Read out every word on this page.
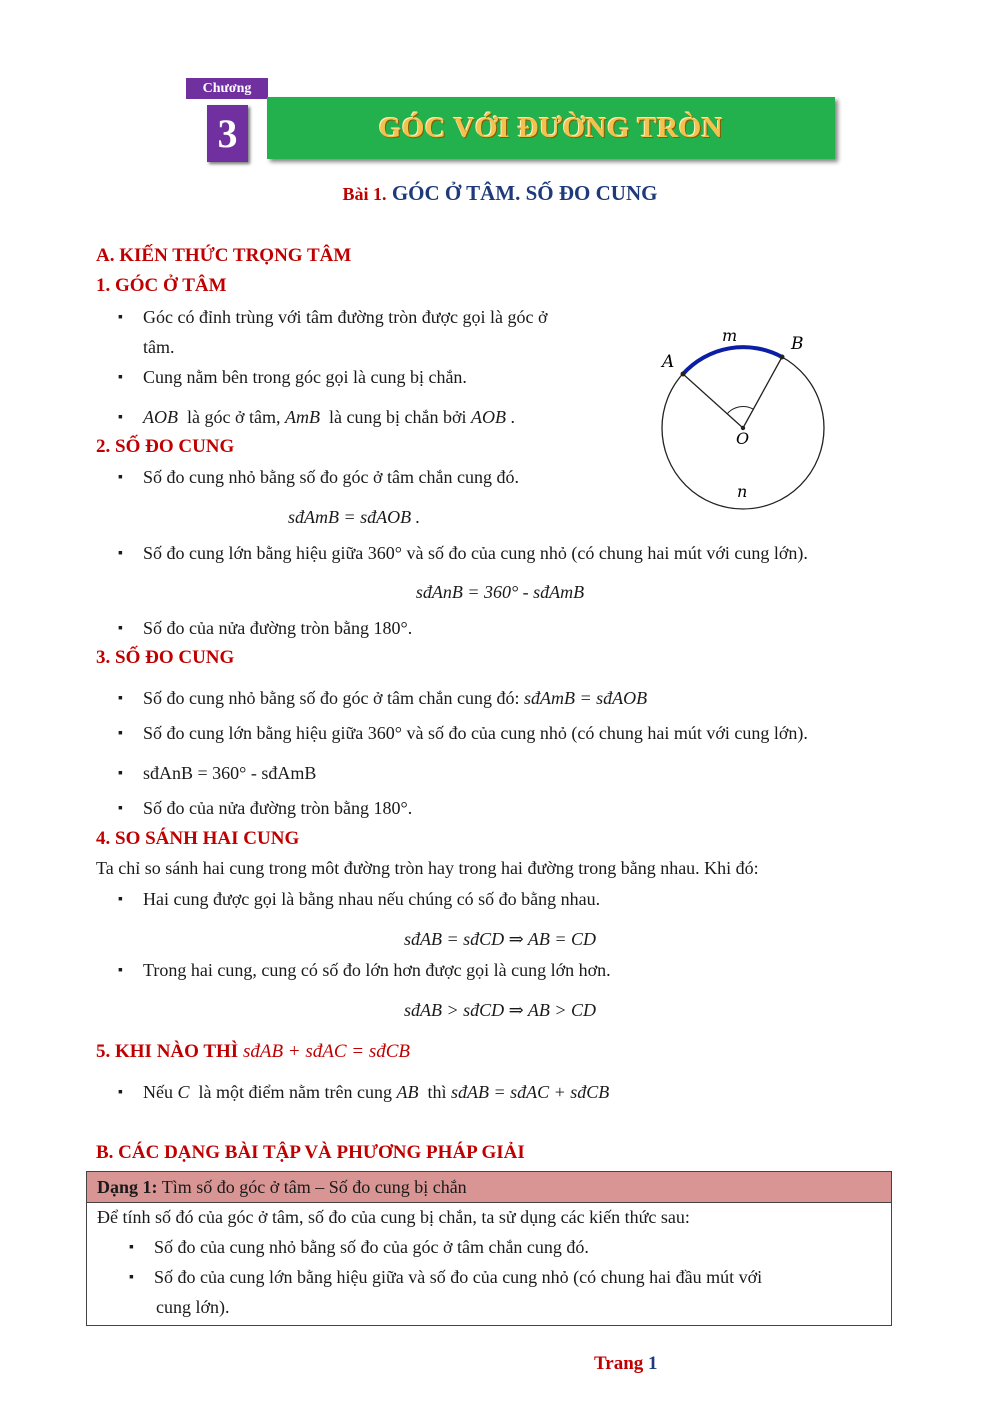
Chương
3	GÓC VỚI ĐƯỜNG TRÒN
Bài 1. GÓC Ở TÂM. SỐ ĐO CUNG
A. KIẾN THỨC TRỌNG TÂM
1. GÓC Ở TÂM
Góc có đỉnh trùng với tâm đường tròn được gọi là góc ở
tâm.
Cung nằm bên trong góc gọi là cung bị chắn.
AOB là góc ở tâm, AmB là cung bị chắn bởi AOB .
A
B
O
m
n
2. SỐ ĐO CUNG
Số đo cung nhỏ bằng số đo góc ở tâm chắn cung đó.
sđAmB = sđAOB .
Số đo cung lớn bằng hiệu giữa 360° và số đo của cung nhỏ (có chung hai mút với cung lớn).
sđAnB = 360° - sđAmB
Số đo của nửa đường tròn bằng 180°.
3. SỐ ĐO CUNG
Số đo cung nhỏ bằng số đo góc ở tâm chắn cung đó: sđAmB = sđAOB
Số đo cung lớn bằng hiệu giữa 360° và số đo của cung nhỏ (có chung hai mút với cung lớn).
sđAnB = 360° - sđAmB
Số đo của nửa đường tròn bằng 180°.
4. SO SÁNH HAI CUNG
Ta chỉ so sánh hai cung trong môt đường tròn hay trong hai đường trong bằng nhau. Khi đó:
Hai cung được gọi là bằng nhau nếu chúng có số đo bằng nhau.
sđAB = sđCD ⇒ AB = CD
Trong hai cung, cung có số đo lớn hơn được gọi là cung lớn hơn.
sđAB > sđCD ⇒ AB > CD
5. KHI NÀO THÌ sđAB + sđAC = sđCB
Nếu C là một điểm nằm trên cung AB thì sđAB = sđAC + sđCB
B. CÁC DẠNG BÀI TẬP VÀ PHƯƠNG PHÁP GIẢI
Dạng 1: Tìm số đo góc ở tâm – Số đo cung bị chắn
Để tính số đó của góc ở tâm, số đo của cung bị chắn, ta sử dụng các kiến thức sau:
Số đo của cung nhỏ bằng số đo của góc ở tâm chắn cung đó.
Số đo của cung lớn bằng hiệu giữa và số đo của cung nhỏ (có chung hai đầu mút với
cung lớn).
Trang 1
